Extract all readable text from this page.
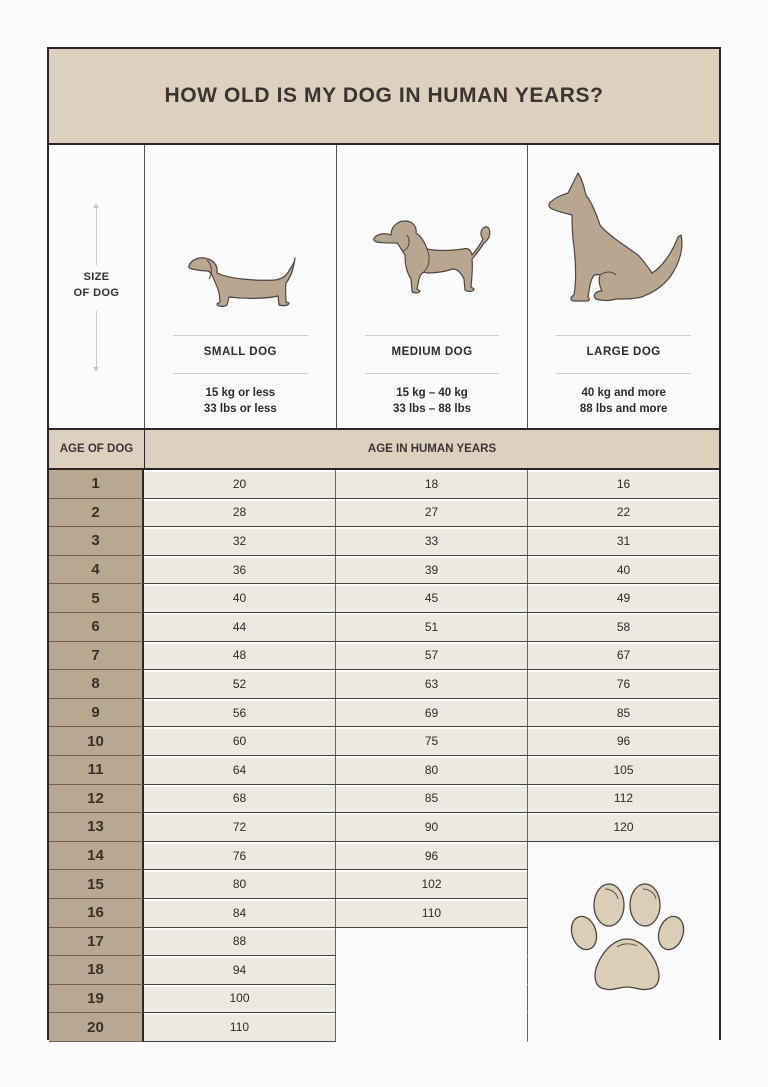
HOW OLD IS MY DOG IN HUMAN YEARS?
SIZE
OF DOG
SMALL DOG
15 kg or less
33 lbs or less
MEDIUM DOG
15 kg – 40 kg
33 lbs – 88 lbs
LARGE DOG
40 kg and more
88 lbs and more
AGE OF DOG	AGE IN HUMAN YEARS
1	20	18	16
2	28	27	22
3	32	33	31
4	36	39	40
5	40	45	49
6	44	51	58
7	48	57	67
8	52	63	76
9	56	69	85
10	60	75	96
11	64	80	105
12	68	85	112
13	72	90	120
14	76	96
15	80	102
16	84	110
17	88
18	94
19	100
20	110
